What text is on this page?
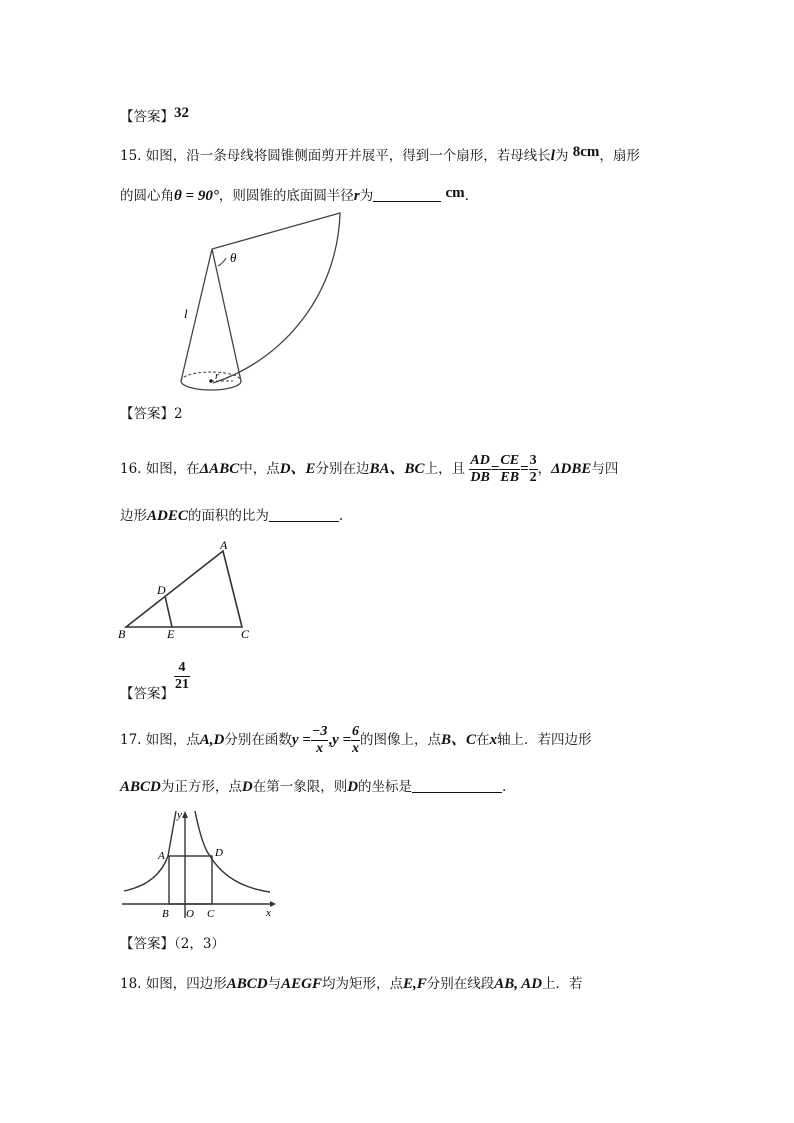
【答案】32
15. 如图，沿一条母线将圆锥侧面剪开并展平，得到一个扇形，若母线长l为 8cm，扇形
的圆心角θ = 90°，则圆锥的底面圆半径r为	cm.
θ
l
r
【答案】2
16. 如图，在ΔABC中，点D、E分别在边BA、BC上，且 $\frac{AD}{DB} = \frac{CE}{EB} = \frac{3}{2}$ ，ΔDBE与四
边形ADEC的面积的比为	.
A
B	C
D
E
【答案】
$\frac{4}{21}$
17. 如图，点A,D分别在函数$y = \frac{-3}{x} ,y = \frac{6}{x}$ 的图像上，点B、C在x轴上．若四边形
ABCD为正方形，点D在第一象限，则D的坐标是	.
y
x
A
B O C
D
【答案】（2，3）
18. 如图，四边形ABCD与AEGF均为矩形，点E,F分别在线段AB, AD上．若
